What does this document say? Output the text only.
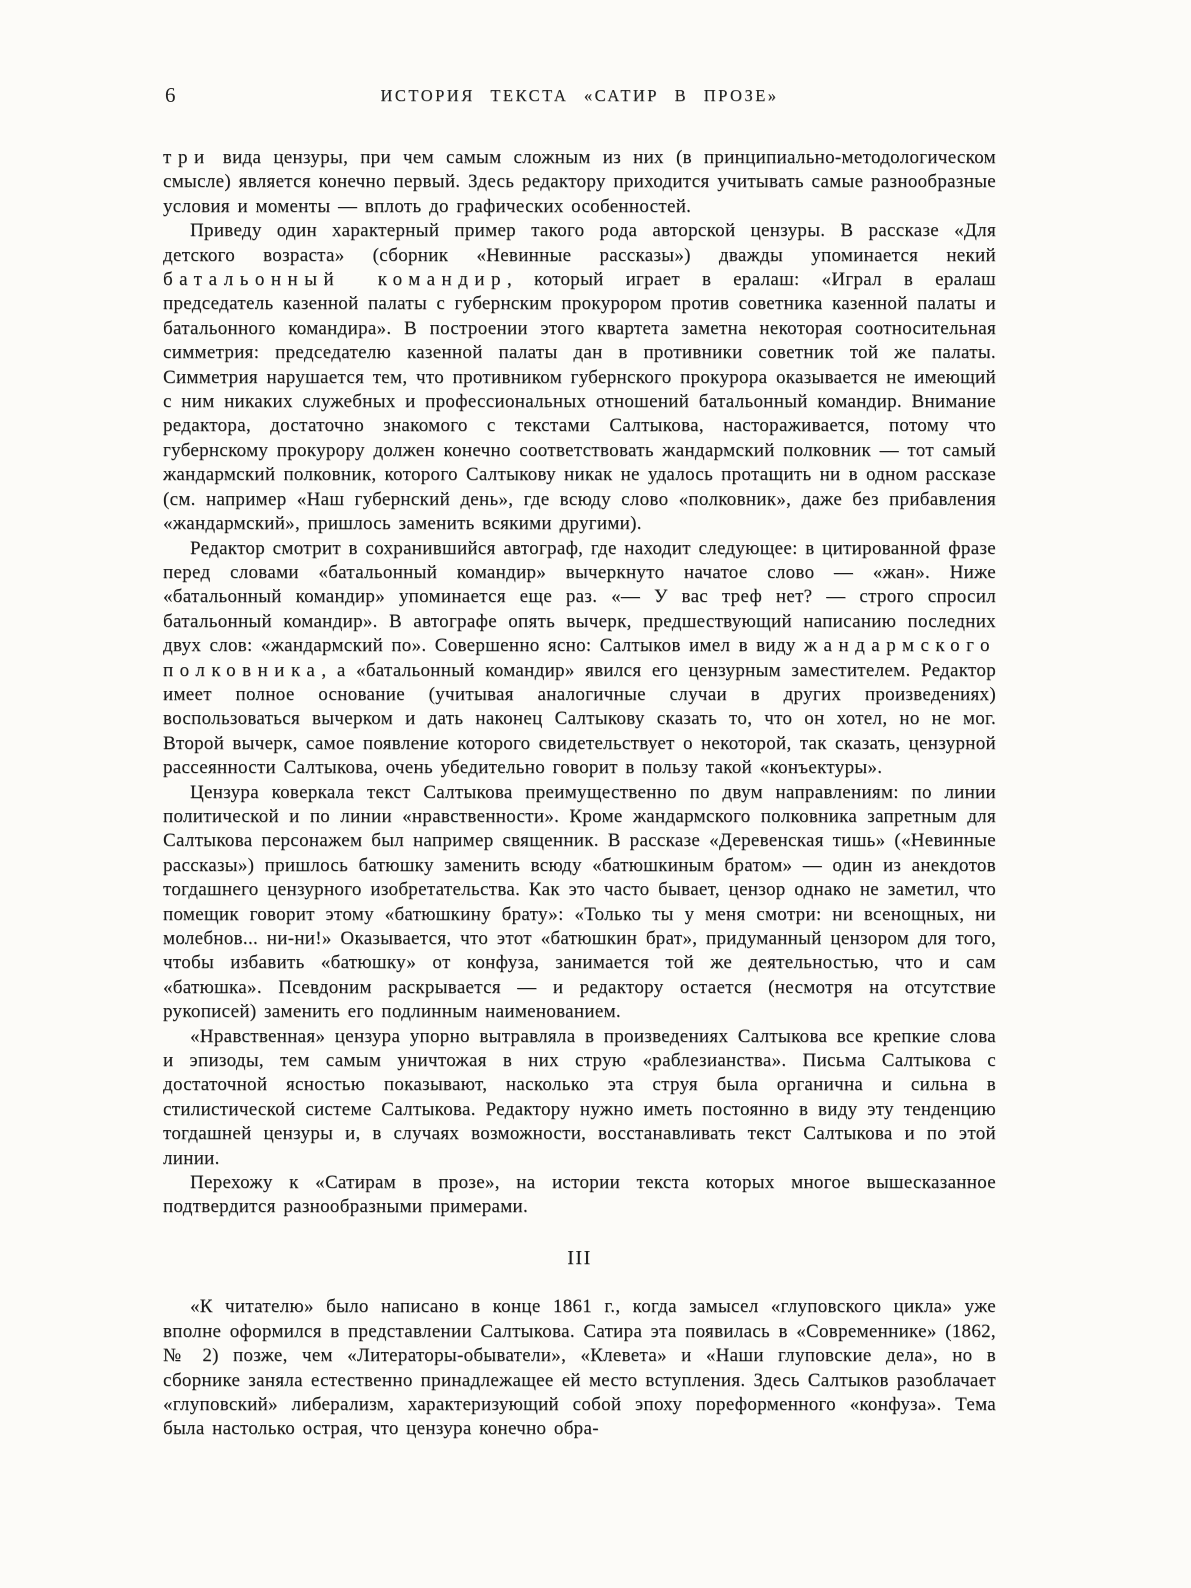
6	ИСТОРИЯ ТЕКСТА «САТИР В ПРОЗЕ»

три вида цензуры, при чем самым сложным из них (в принципиально-методологическом смысле) является конечно первый. Здесь редактору приходится учитывать самые разнообразные условия и моменты — вплоть до графических особенностей.

Приведу один характерный пример такого рода авторской цензуры. В рассказе «Для детского возраста» (сборник «Невинные рассказы») дважды упоминается некий батальонный командир, который играет в ералаш: «Играл в ералаш председатель казенной палаты с губернским прокурором против советника казенной палаты и батальонного командира». В построении этого квартета заметна некоторая соотносительная симметрия: председателю казенной палаты дан в противники советник той же палаты. Симметрия нарушается тем, что противником губернского прокурора оказывается не имеющий с ним никаких служебных и профессиональных отношений батальонный командир. Внимание редактора, достаточно знакомого с текстами Салтыкова, настораживается, потому что губернскому прокурору должен конечно соответствовать жандармский полковник — тот самый жандармский полковник, которого Салтыкову никак не удалось протащить ни в одном рассказе (см. например «Наш губернский день», где всюду слово «полковник», даже без прибавления «жандармский», пришлось заменить всякими другими).

Редактор смотрит в сохранившийся автограф, где находит следующее: в цитированной фразе перед словами «батальонный командир» вычеркнуто начатое слово — «жан». Ниже «батальонный командир» упоминается еще раз. «— У вас треф нет? — строго спросил батальонный командир». В автографе опять вычерк, предшествующий написанию последних двух слов: «жандармский по». Совершенно ясно: Салтыков имел в виду жандармского полковника, а «батальонный командир» явился его цензурным заместителем. Редактор имеет полное основание (учитывая аналогичные случаи в других произведениях) воспользоваться вычерком и дать наконец Салтыкову сказать то, что он хотел, но не мог. Второй вычерк, самое появление которого свидетельствует о некоторой, так сказать, цензурной рассеянности Салтыкова, очень убедительно говорит в пользу такой «конъектуры».

Цензура коверкала текст Салтыкова преимущественно по двум направлениям: по линии политической и по линии «нравственности». Кроме жандармского полковника запретным для Салтыкова персонажем был например священник. В рассказе «Деревенская тишь» («Невинные рассказы») пришлось батюшку заменить всюду «батюшкиным братом» — один из анекдотов тогдашнего цензурного изобретательства. Как это часто бывает, цензор однако не заметил, что помещик говорит этому «батюшкину брату»: «Только ты у меня смотри: ни всенощных, ни молебнов... ни-ни!» Оказывается, что этот «батюшкин брат», придуманный цензором для того, чтобы избавить «батюшку» от конфуза, занимается той же деятельностью, что и сам «батюшка». Псевдоним раскрывается — и редактору остается (несмотря на отсутствие рукописей) заменить его подлинным наименованием.

«Нравственная» цензура упорно вытравляла в произведениях Салтыкова все крепкие слова и эпизоды, тем самым уничтожая в них струю «раблезианства». Письма Салтыкова с достаточной ясностью показывают, насколько эта струя была органична и сильна в стилистической системе Салтыкова. Редактору нужно иметь постоянно в виду эту тенденцию тогдашней цензуры и, в случаях возможности, восстанавливать текст Салтыкова и по этой линии.

Перехожу к «Сатирам в прозе», на истории текста которых многое вышесказанное подтвердится разнообразными примерами.

III

«К читателю» было написано в конце 1861 г., когда замысел «глуповского цикла» уже вполне оформился в представлении Салтыкова. Сатира эта появилась в «Современнике» (1862, № 2) позже, чем «Литераторы-обыватели», «Клевета» и «Наши глуповские дела», но в сборнике заняла естественно принадлежащее ей место вступления. Здесь Салтыков разоблачает «глуповский» либерализм, характеризующий собой эпоху пореформенного «конфуза». Тема была настолько острая, что цензура конечно обра-
